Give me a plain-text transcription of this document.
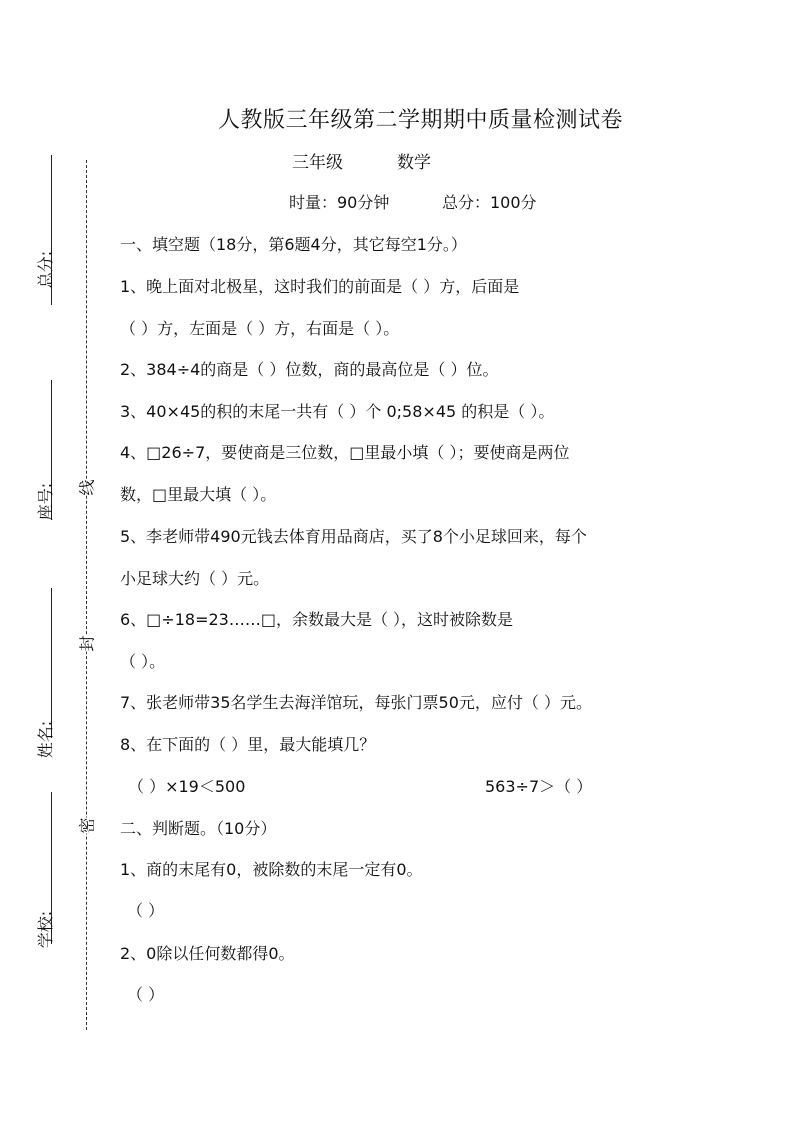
总分:
座号:
姓名:
学校:
线
封
密
人教版三年级第二学期期中质量检测试卷
三年级	数学
时量：90分钟	总分：100分
一、填空题（18分，第6题4分，其它每空1分。）
1、晚上面对北极星，这时我们的前面是（ ）方，后面是
（ ）方，左面是（ ）方，右面是（ ）。
2、384÷4的商是（ ）位数，商的最高位是（ ）位。
3、40×45的积的末尾一共有（ ）个 0;58×45 的积是（ ）。
4、□26÷7，要使商是三位数，□里最小填（ ）；要使商是两位
数，□里最大填（ ）。
5、李老师带490元钱去体育用品商店，买了8个小足球回来，每个
小足球大约（ ）元。
6、□÷18=23……□，余数最大是（ ），这时被除数是
（ ）。
7、张老师带35名学生去海洋馆玩，每张门票50元，应付（ ）元。
8、在下面的（ ）里，最大能填几？
（ ）×19＜500	563÷7＞（ ）
二、判断题。（10分）
1、商的末尾有0，被除数的末尾一定有0。
（ ）
2、0除以任何数都得0。
（ ）
